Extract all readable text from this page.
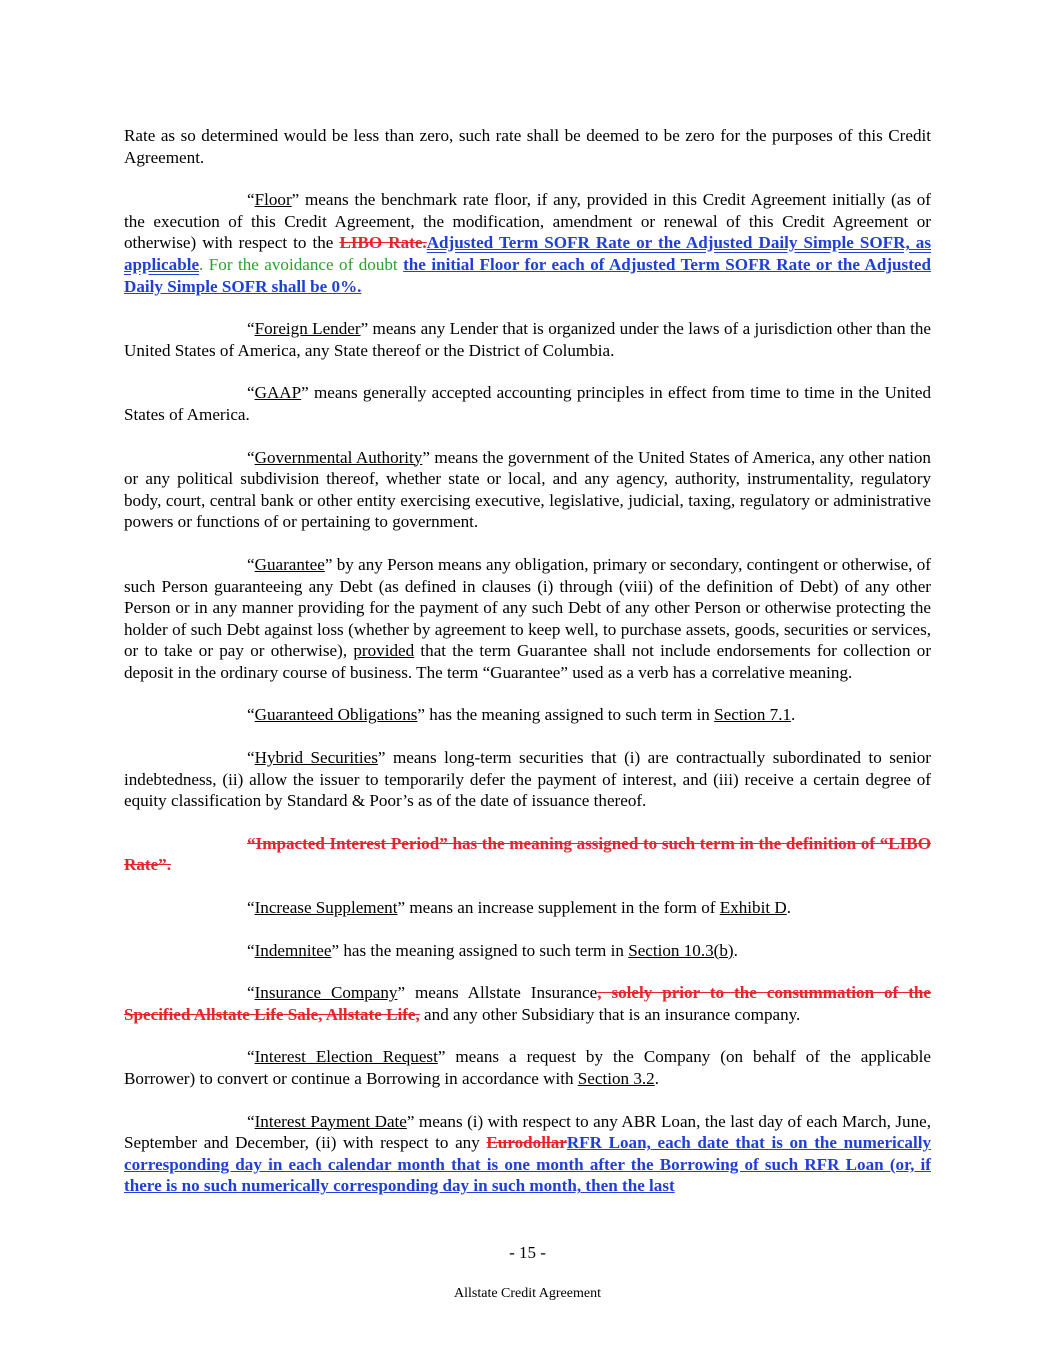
Rate as so determined would be less than zero, such rate shall be deemed to be zero for the purposes of this Credit Agreement.

“Floor” means the benchmark rate floor, if any, provided in this Credit Agreement initially (as of the execution of this Credit Agreement, the modification, amendment or renewal of this Credit Agreement or otherwise) with respect to the LIBO Rate.Adjusted Term SOFR Rate or the Adjusted Daily Simple SOFR, as applicable. For the avoidance of doubt the initial Floor for each of Adjusted Term SOFR Rate or the Adjusted Daily Simple SOFR shall be 0%.

“Foreign Lender” means any Lender that is organized under the laws of a jurisdiction other than the United States of America, any State thereof or the District of Columbia.

“GAAP” means generally accepted accounting principles in effect from time to time in the United States of America.

“Governmental Authority” means the government of the United States of America, any other nation or any political subdivision thereof, whether state or local, and any agency, authority, instrumentality, regulatory body, court, central bank or other entity exercising executive, legislative, judicial, taxing, regulatory or administrative powers or functions of or pertaining to government.

“Guarantee” by any Person means any obligation, primary or secondary, contingent or otherwise, of such Person guaranteeing any Debt (as defined in clauses (i) through (viii) of the definition of Debt) of any other Person or in any manner providing for the payment of any such Debt of any other Person or otherwise protecting the holder of such Debt against loss (whether by agreement to keep well, to purchase assets, goods, securities or services, or to take or pay or otherwise), provided that the term Guarantee shall not include endorsements for collection or deposit in the ordinary course of business. The term “Guarantee” used as a verb has a correlative meaning.

“Guaranteed Obligations” has the meaning assigned to such term in Section 7.1.

“Hybrid Securities” means long-term securities that (i) are contractually subordinated to senior indebtedness, (ii) allow the issuer to temporarily defer the payment of interest, and (iii) receive a certain degree of equity classification by Standard & Poor’s as of the date of issuance thereof.

“Impacted Interest Period” has the meaning assigned to such term in the definition of “LIBO Rate”.

“Increase Supplement” means an increase supplement in the form of Exhibit D.

“Indemnitee” has the meaning assigned to such term in Section 10.3(b).

“Insurance Company” means Allstate Insurance, solely prior to the consummation of the Specified Allstate Life Sale, Allstate Life, and any other Subsidiary that is an insurance company.

“Interest Election Request” means a request by the Company (on behalf of the applicable Borrower) to convert or continue a Borrowing in accordance with Section 3.2.

“Interest Payment Date” means (i) with respect to any ABR Loan, the last day of each March, June, September and December, (ii) with respect to any EurodollarRFR Loan, each date that is on the numerically corresponding day in each calendar month that is one month after the Borrowing of such RFR Loan (or, if there is no such numerically corresponding day in such month, then the last

- 15 -
Allstate Credit Agreement
